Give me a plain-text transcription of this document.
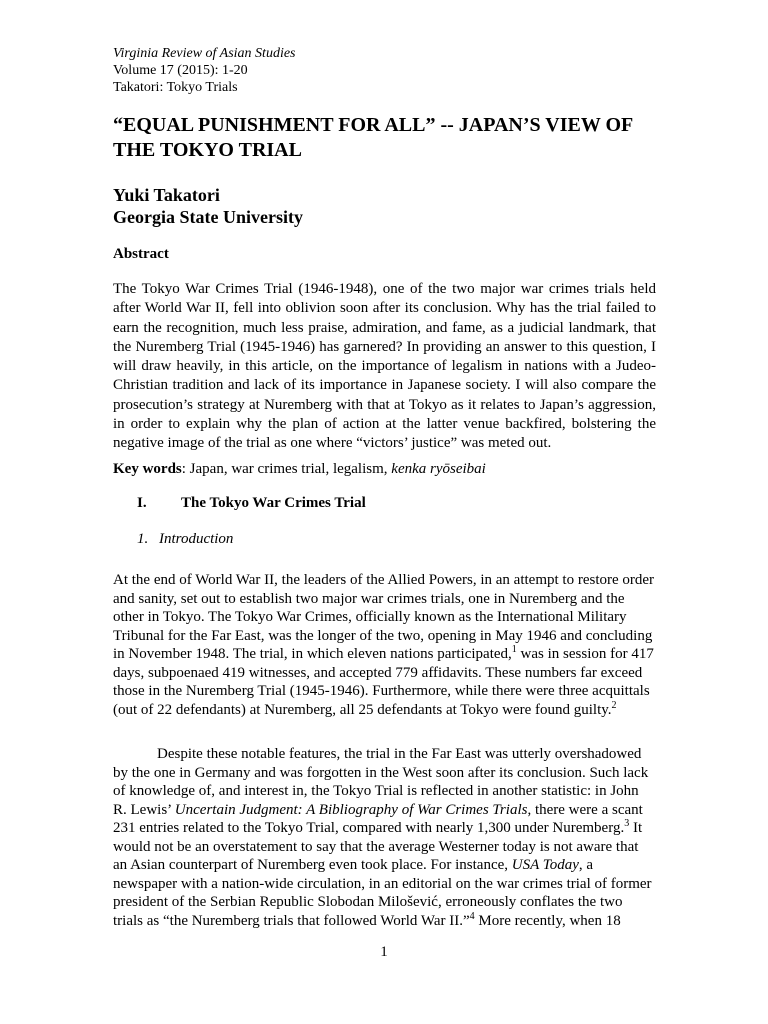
Virginia Review of Asian Studies
Volume 17 (2015): 1-20
Takatori: Tokyo Trials
“EQUAL PUNISHMENT FOR ALL” -- JAPAN’S VIEW OF
THE TOKYO TRIAL
Yuki Takatori
Georgia State University
Abstract
The Tokyo War Crimes Trial (1946-1948), one of the two major war crimes trials held after World War II, fell into oblivion soon after its conclusion. Why has the trial failed to earn the recognition, much less praise, admiration, and fame, as a judicial landmark, that the Nuremberg Trial (1945-1946) has garnered? In providing an answer to this question, I will draw heavily, in this article, on the importance of legalism in nations with a Judeo-Christian tradition and lack of its importance in Japanese society. I will also compare the prosecution’s strategy at Nuremberg with that at Tokyo as it relates to Japan’s aggression, in order to explain why the plan of action at the latter venue backfired, bolstering the negative image of the trial as one where “victors’ justice” was meted out.
Key words: Japan, war crimes trial, legalism, kenka ryōseibai
I. The Tokyo War Crimes Trial
1. Introduction
At the end of World War II, the leaders of the Allied Powers, in an attempt to restore order and sanity, set out to establish two major war crimes trials, one in Nuremberg and the other in Tokyo. The Tokyo War Crimes, officially known as the International Military Tribunal for the Far East, was the longer of the two, opening in May 1946 and concluding in November 1948. The trial, in which eleven nations participated,$^1$ was in session for 417 days, subpoenaed 419 witnesses, and accepted 779 affidavits. These numbers far exceed those in the Nuremberg Trial (1945-1946). Furthermore, while there were three acquittals (out of 22 defendants) at Nuremberg, all 25 defendants at Tokyo were found guilty.$^2$
Despite these notable features, the trial in the Far East was utterly overshadowed by the one in Germany and was forgotten in the West soon after its conclusion. Such lack of knowledge of, and interest in, the Tokyo Trial is reflected in another statistic: in John R. Lewis’ Uncertain Judgment: A Bibliography of War Crimes Trials, there were a scant 231 entries related to the Tokyo Trial, compared with nearly 1,300 under Nuremberg.$^3$ It would not be an overstatement to say that the average Westerner today is not aware that an Asian counterpart of Nuremberg even took place. For instance, USA Today, a newspaper with a nation-wide circulation, in an editorial on the war crimes trial of former president of the Serbian Republic Slobodan Milošević, erroneously conflates the two trials as “the Nuremberg trials that followed World War II.”$^4$ More recently, when 18
1
